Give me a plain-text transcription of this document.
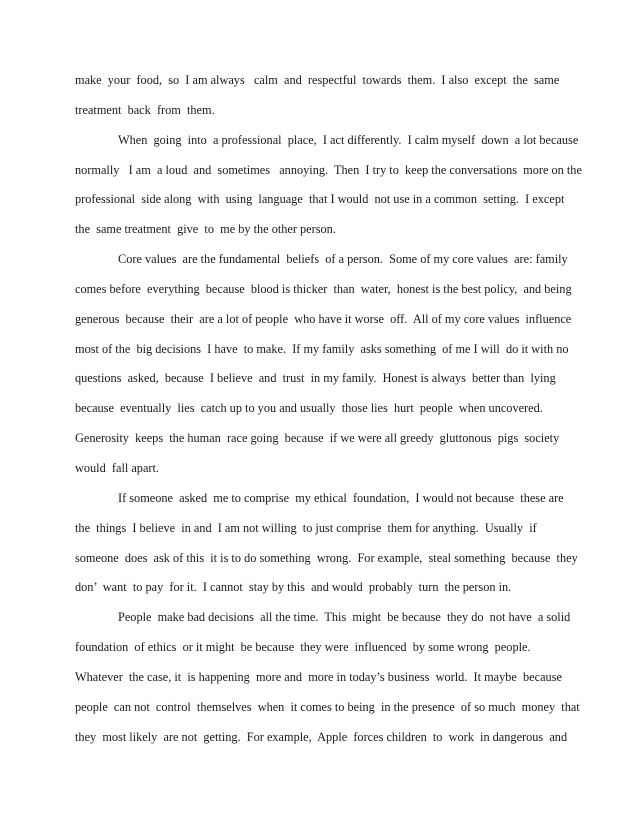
make  your  food,  so  I am always   calm  and  respectful  towards  them.  I also  except  the  same
treatment  back  from  them.
When  going  into  a professional  place,  I act differently.  I calm myself  down  a lot because
normally   I am  a loud  and  sometimes   annoying.  Then  I try to  keep the conversations  more on the
professional  side along  with  using  language  that I would  not use in a common  setting.  I except
the  same treatment  give  to  me by the other person.
Core values  are the fundamental  beliefs  of a person.  Some of my core values  are: family
comes before  everything  because  blood is thicker  than  water,  honest is the best policy,  and being
generous  because  their  are a lot of people  who have it worse  off.  All of my core values  influence
most of the  big decisions  I have  to make.  If my family  asks something  of me I will  do it with no
questions  asked,  because  I believe  and  trust  in my family.  Honest is always  better than  lying
because  eventually  lies  catch up to you and usually  those lies  hurt  people  when uncovered.
Generosity  keeps  the human  race going  because  if we were all greedy  gluttonous  pigs  society
would  fall apart.
If someone  asked  me to comprise  my ethical  foundation,  I would not because  these are
the  things  I believe  in and  I am not willing  to just comprise  them for anything.  Usually  if
someone  does  ask of this  it is to do something  wrong.  For example,  steal something  because  they
don’  want  to pay  for it.  I cannot  stay by this  and would  probably  turn  the person in.
People  make bad decisions  all the time.  This  might  be because  they do  not have  a solid
foundation  of ethics  or it might  be because  they were  influenced  by some wrong  people.
Whatever  the case, it  is happening  more and  more in today’s business  world.  It maybe  because
people  can not  control  themselves  when  it comes to being  in the presence  of so much  money  that
they  most likely  are not  getting.  For example,  Apple  forces children  to  work  in dangerous  and
